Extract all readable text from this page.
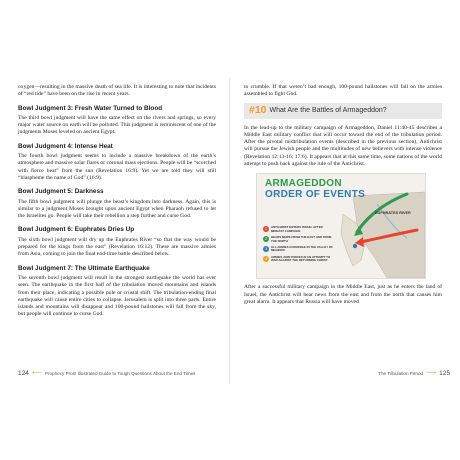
oxygen—resulting in the massive death of sea life. It is interesting to note that incidents of “red tide” have been on the rise in recent years.

Bowl Judgment 3: Fresh Water Turned to Blood

The third bowl judgment will have the same effect on the rivers and springs, so every major water source on earth will be polluted. This judgment is reminiscent of one of the judgments Moses leveled on ancient Egypt.

Bowl Judgment 4: Intense Heat

The fourth bowl judgment seems to include a massive breakdown of the earth’s atmosphere and massive solar flares or coronal mass ejections. People will be “scorched with fierce heat” from the sun (Revelation 16:9). Yet we are told they will still “blaspheme the name of God” (16:9).

Bowl Judgment 5: Darkness

The fifth bowl judgment will plunge the beast’s kingdom into darkness. Again, this is similar to a judgment Moses brought upon ancient Egypt when Pharaoh refused to let the Israelites go. People will take their rebellion a step further and curse God.

Bowl Judgment 6: Euphrates Dries Up

The sixth bowl judgment will dry up the Euphrates River “so that the way would be prepared for the kings from the east” (Revelation 16:12). These are massive armies from Asia, coming to join the final end-time battle described below.

Bowl Judgment 7: The Ultimate Earthquake

The seventh bowl judgment will result in the strongest earthquake the world has ever seen. The earthquake in the first half of the tribulation moved mountains and islands from their place, indicating a possible pole or crustal shift. The tribulation-ending final earthquake will cause entire cities to collapse. Jerusalem is split into three parts. Entire islands and mountains will disappear and 100-pound hailstones will fall from the sky, but people will continue to curse God.

124 ⟵ Prophecy Pros! Illustrated Guide to Tough Questions About the End Times

to crumble. If that weren’t bad enough, 100-pound hailstones will fall on the armies assembled to fight God.

#10 What Are the Battles of Armageddon?

In the lead-up to the military campaign of Armageddon, Daniel 11:40-45 describes a Middle East military conflict that will occur toward the end of the tribulation period. After the pivotal midtribulation events (described in the previous section), Antichrist will pursue the Jewish people and the multitudes of new believers with intense violence (Revelation 12:13-16; 17:6). It appears that at this same time, some nations of the world attempt to push back against the rule of the Antichrist.

ARMAGEDDON
ORDER OF EVENTS
EUPHRATES RIVER
1	ANTICHRIST ENTERS ISRAEL AFTER MIDEAST CAMPAIGN
2	HEARS NEWS FROM THE EAST AND FROM THE NORTH
3	ALL ARMIES CONVERGE IN THE VALLEY OF MEGIDDO
4	ARMIES JOIN FORCES IN AN ATTEMPT TO WAR AGAINST THE RETURNING CHRIST

After a successful military campaign in the Middle East, just as he enters the land of Israel, the Antichrist will hear news from the east and from the north that causes him great alarm. It appears that Russia will have moved

The Tribulation Period ⟶ 125
